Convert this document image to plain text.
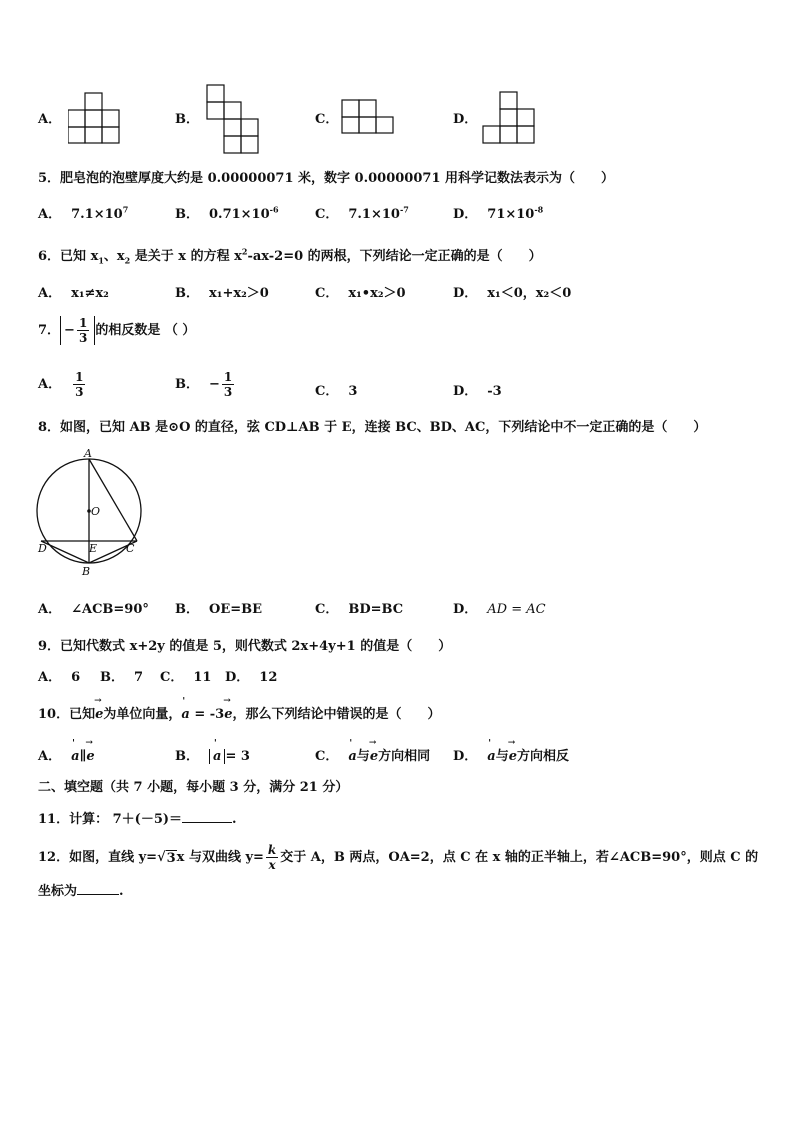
A．	B．	C．	D．
5．肥皂泡的泡壁厚度大约是 0.00000071 米，数字 0.00000071 用科学记数法表示为（　　）
A． $7.1\times 10^7$	B． $0.71\times 10^{-6}$	C． $7.1\times 10^{-7}$	D． $71\times 10^{-8}$
6．已知 $x_1$、$x_2$ 是关于 x 的方程 $x^2-ax-2=0$ 的两根，下列结论一定正确的是（　　）
A． x₁≠x₂	B． x₁+x₂＞0	C． x₁•x₂＞0	D． x₁＜0，x₂＜0
7． − $\frac{1}{3}$ 的相反数是 （ ）
A． $\frac{1}{3}$	B． − $\frac{1}{3}$	C． 3	D． -3
8．如图，已知 AB 是⊙O 的直径，弦 CD⊥AB 于 E，连接 BC、BD、AC，下列结论中不一定正确的是（　　）
A
O
D	E	C
B
A． ∠ACB=90° B． OE=BE	C． BD=BC	D． AD = AC
9．已知代数式 x+2y 的值是 5，则代数式 2x+4y+1 的值是（　　）
A． 6 B． 7 C． 11 D． 12
10．已知→ e为单位向量，' a = -3→ e，那么下列结论中错误的是（　　）
A． ' a∥→ e	B． ' a = 3	C． ' a与→ e方向相同 D． ' a与→ e方向相反
二、填空题（共 7 小题，每小题 3 分，满分 21 分）
11．计算： 7＋(－5)＝	.
12．如图，直线 y=√ 3 x 与双曲线 $y= \frac{k}{x}$ 交于 A，B 两点，OA=2，点 C 在 x 轴的正半轴上，若∠ACB=90°，则点 C 的
坐标为	.
